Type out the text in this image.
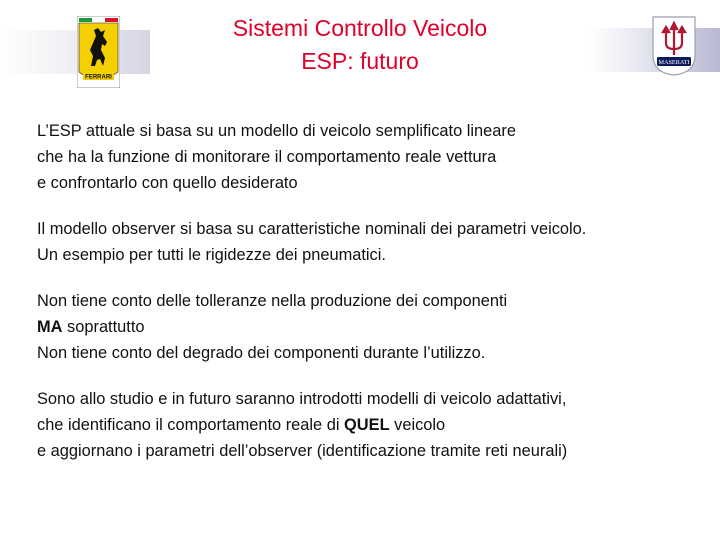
FERRARI
MASERATI
Sistemi Controllo Veicolo
ESP: futuro
L’ESP attuale si basa su un modello di veicolo semplificato lineare
che ha la funzione di monitorare il comportamento reale vettura
e confrontarlo con quello desiderato
Il modello observer si basa su caratteristiche nominali dei parametri veicolo.
Un esempio per tutti le rigidezze dei pneumatici.
Non tiene conto delle tolleranze nella produzione dei componenti
MA soprattutto
Non tiene conto del degrado dei componenti durante l’utilizzo.
Sono allo studio e in futuro saranno introdotti modelli di veicolo adattativi,
che identificano il comportamento reale di QUEL veicolo
e aggiornano i parametri dell’observer (identificazione tramite reti neurali)
